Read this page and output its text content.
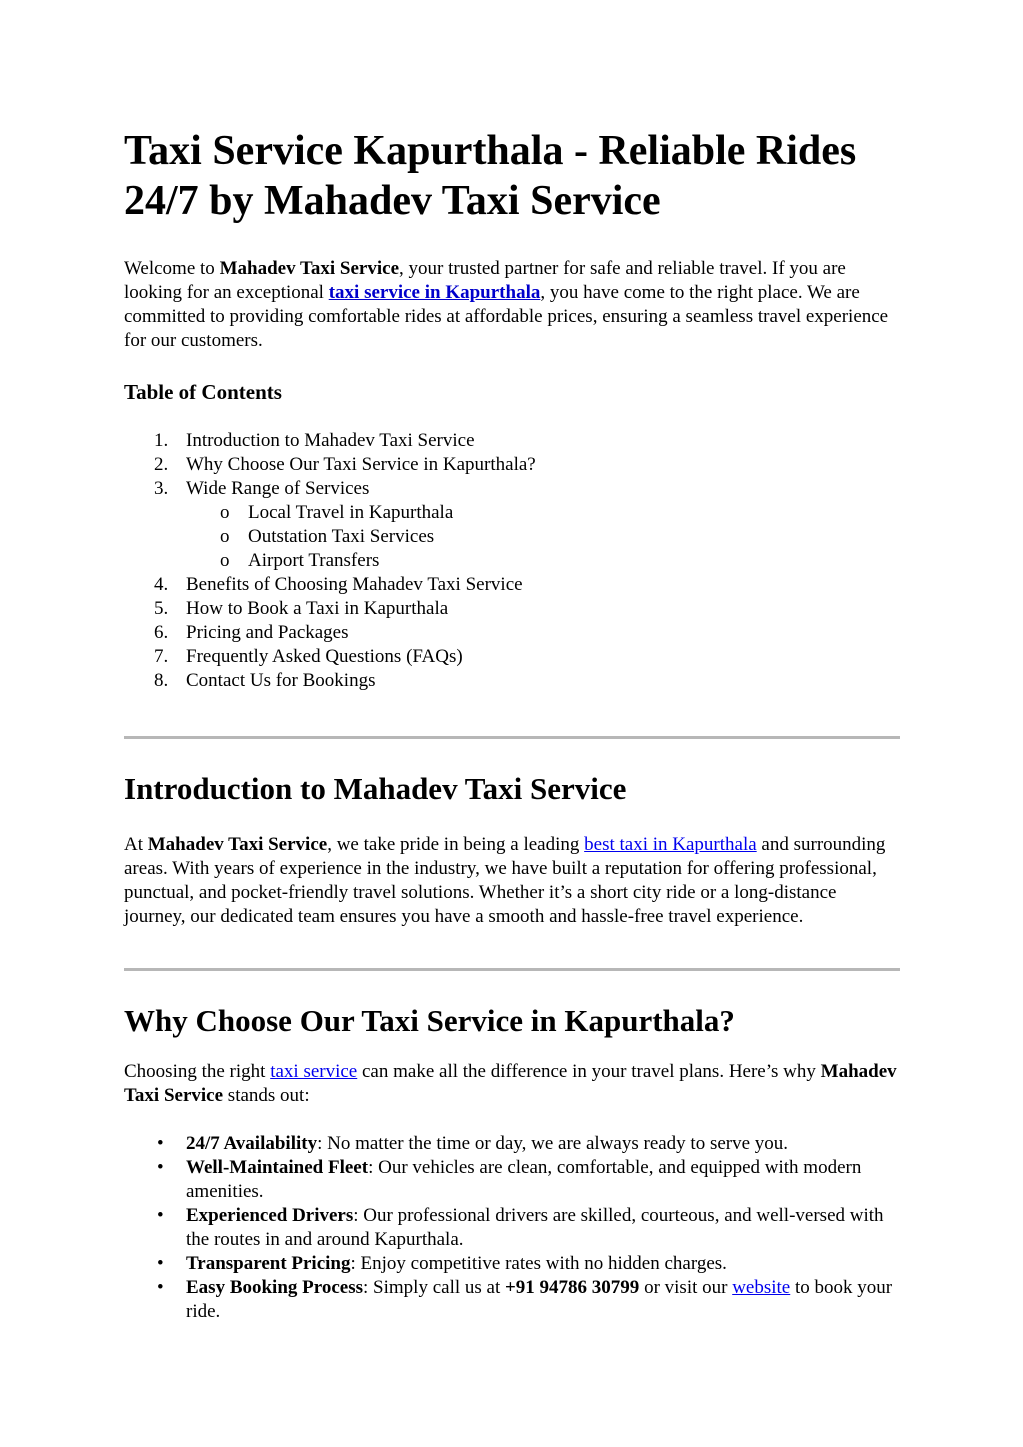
Taxi Service Kapurthala - Reliable Rides 24/7 by Mahadev Taxi Service

Welcome to Mahadev Taxi Service, your trusted partner for safe and reliable travel. If you are looking for an exceptional taxi service in Kapurthala, you have come to the right place. We are committed to providing comfortable rides at affordable prices, ensuring a seamless travel experience for our customers.

Table of Contents
1. Introduction to Mahadev Taxi Service
2. Why Choose Our Taxi Service in Kapurthala?
3. Wide Range of Services
o Local Travel in Kapurthala
o Outstation Taxi Services
o Airport Transfers
4. Benefits of Choosing Mahadev Taxi Service
5. How to Book a Taxi in Kapurthala
6. Pricing and Packages
7. Frequently Asked Questions (FAQs)
8. Contact Us for Bookings
Introduction to Mahadev Taxi Service

At Mahadev Taxi Service, we take pride in being a leading best taxi in Kapurthala and surrounding areas. With years of experience in the industry, we have built a reputation for offering professional, punctual, and pocket-friendly travel solutions. Whether it’s a short city ride or a long-distance journey, our dedicated team ensures you have a smooth and hassle-free travel experience.

Why Choose Our Taxi Service in Kapurthala?

Choosing the right taxi service can make all the difference in your travel plans. Here’s why Mahadev Taxi Service stands out:

• 24/7 Availability: No matter the time or day, we are always ready to serve you.
• Well-Maintained Fleet: Our vehicles are clean, comfortable, and equipped with modern amenities.
• Experienced Drivers: Our professional drivers are skilled, courteous, and well-versed with the routes in and around Kapurthala.
• Transparent Pricing: Enjoy competitive rates with no hidden charges.
• Easy Booking Process: Simply call us at +91 94786 30799 or visit our website to book your ride.
